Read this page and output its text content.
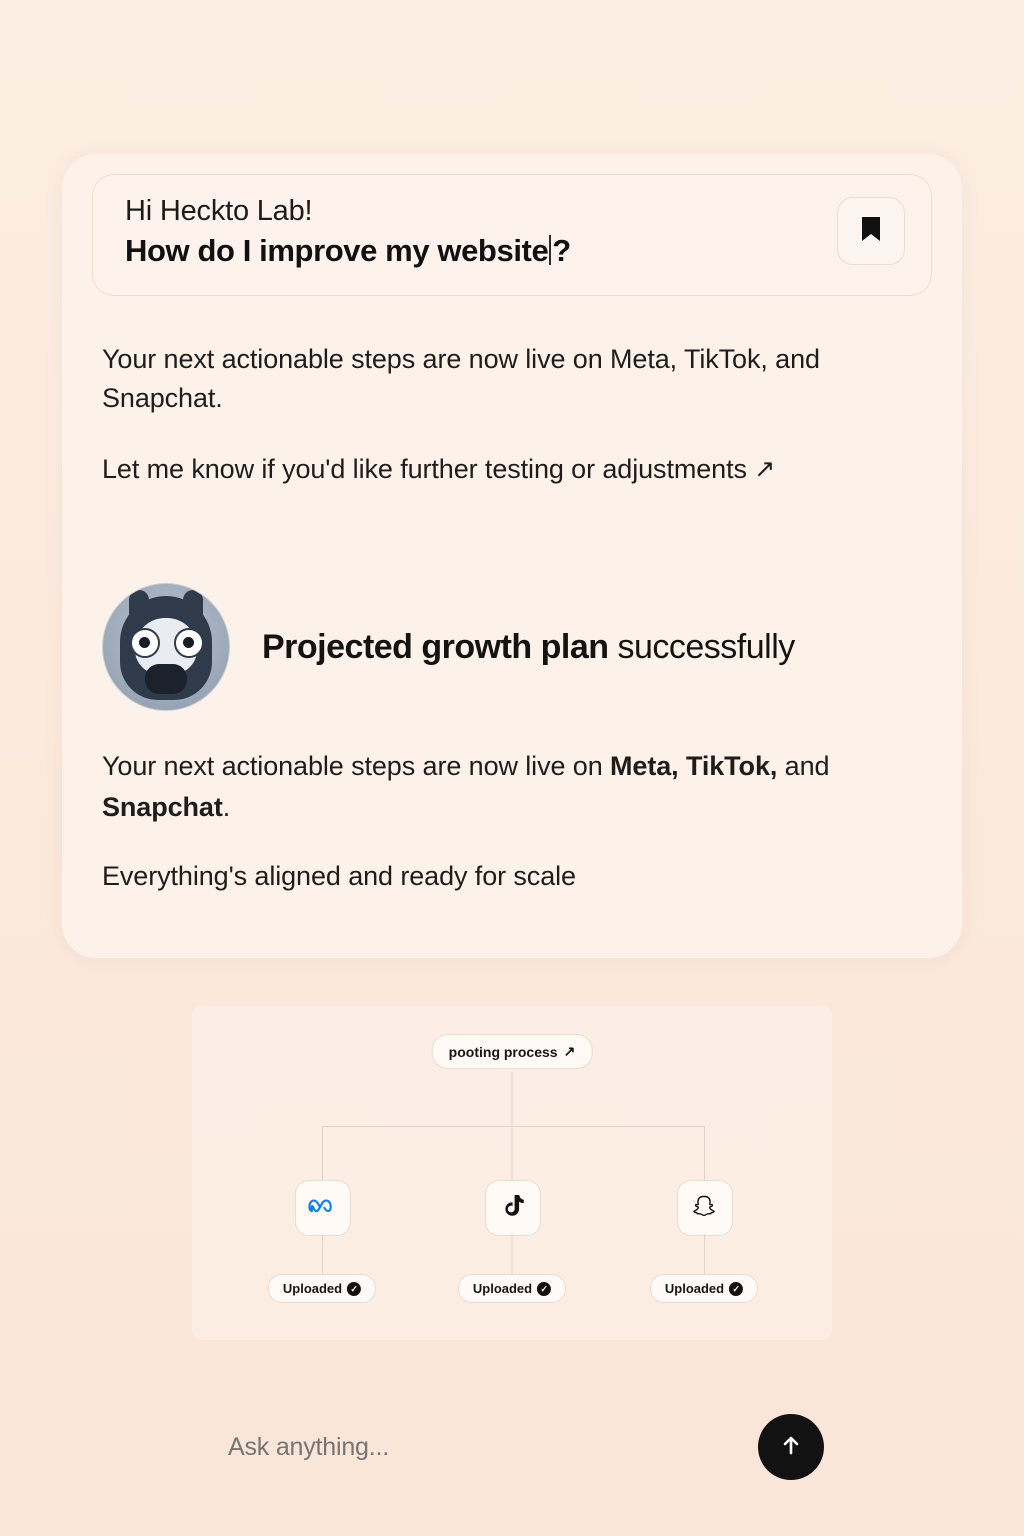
Hi Heckto Lab!
How do I improve my website ?
Your next actionable steps are now live on Meta, TikTok, and Snapchat.
Let me know if you'd like further testing or adjustments ↗
Projected growth plan successfully
Your next actionable steps are now live on Meta, TikTok, and Snapchat.
Everything's aligned and ready for scale
pooting process ↗
Uploaded ✓	Uploaded ✓	Uploaded ✓
Ask anything...
